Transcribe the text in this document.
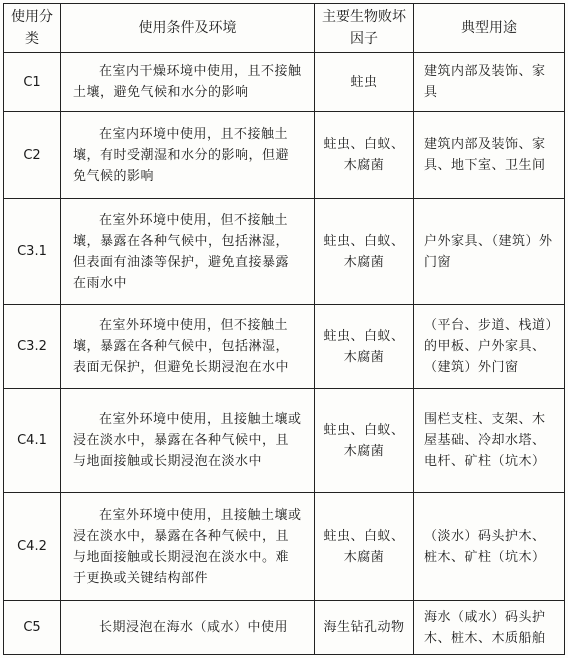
使用分类	使用条件及环境	主要生物败坏因子	典型用途

C1	在室内干燥环境中使用，且不接触土壤，避免气候和水分的影响	蛀虫	建筑内部及装饰、家具

C2	在室内环境中使用，且不接触土壤，有时受潮湿和水分的影响，但避免气候的影响	蛀虫、白蚁、木腐菌	建筑内部及装饰、家具、地下室、卫生间

C3.1	在室外环境中使用，但不接触土壤，暴露在各种气候中，包括淋湿，但表面有油漆等保护，避免直接暴露在雨水中	蛀虫、白蚁、木腐菌	户外家具、（建筑）外门窗

C3.2	在室外环境中使用，但不接触土壤，暴露在各种气候中，包括淋湿，表面无保护，但避免长期浸泡在水中	蛀虫、白蚁、木腐菌	（平台、步道、栈道）的甲板、户外家具、（建筑）外门窗

C4.1	在室外环境中使用，且接触土壤或浸在淡水中，暴露在各种气候中，且与地面接触或长期浸泡在淡水中	蛀虫、白蚁、木腐菌	围栏支柱、支架、木屋基础、冷却水塔、电杆、矿柱（坑木）

C4.2	在室外环境中使用，且接触土壤或浸在淡水中，暴露在各种气候中，且与地面接触或长期浸泡在淡水中。难于更换或关键结构部件	蛀虫、白蚁、木腐菌	（淡水）码头护木、桩木、矿柱（坑木）

C5	长期浸泡在海水（咸水）中使用	海生钻孔动物	海水（咸水）码头护木、桩木、木质船舶
